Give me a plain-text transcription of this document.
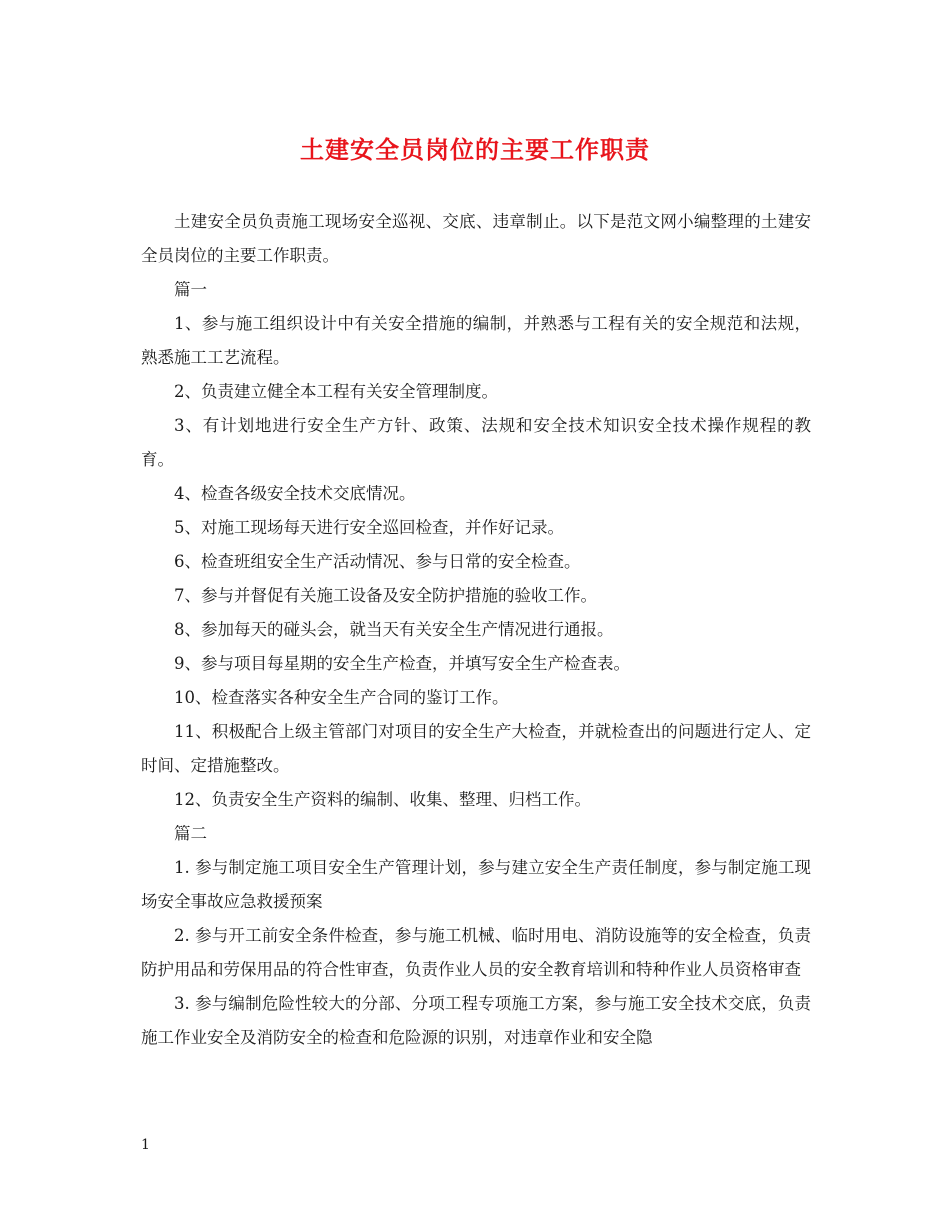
土建安全员岗位的主要工作职责

土建安全员负责施工现场安全巡视、交底、违章制止。以下是范文网小编整理的土建安全员岗位的主要工作职责。

篇一

1、参与施工组织设计中有关安全措施的编制，并熟悉与工程有关的安全规范和法规，熟悉施工工艺流程。

2、负责建立健全本工程有关安全管理制度。

3、有计划地进行安全生产方针、政策、法规和安全技术知识安全技术操作规程的教育。

4、检查各级安全技术交底情况。

5、对施工现场每天进行安全巡回检查，并作好记录。

6、检查班组安全生产活动情况、参与日常的安全检查。

7、参与并督促有关施工设备及安全防护措施的验收工作。

8、参加每天的碰头会，就当天有关安全生产情况进行通报。

9、参与项目每星期的安全生产检查，并填写安全生产检查表。

10、检查落实各种安全生产合同的鉴订工作。

11、积极配合上级主管部门对项目的安全生产大检查，并就检查出的问题进行定人、定时间、定措施整改。

12、负责安全生产资料的编制、收集、整理、归档工作。

篇二

1. 参与制定施工项目安全生产管理计划，参与建立安全生产责任制度，参与制定施工现场安全事故应急救援预案

2. 参与开工前安全条件检查，参与施工机械、临时用电、消防设施等的安全检查，负责防护用品和劳保用品的符合性审查，负责作业人员的安全教育培训和特种作业人员资格审查

3. 参与编制危险性较大的分部、分项工程专项施工方案，参与施工安全技术交底，负责施工作业安全及消防安全的检查和危险源的识别，对违章作业和安全隐

1
